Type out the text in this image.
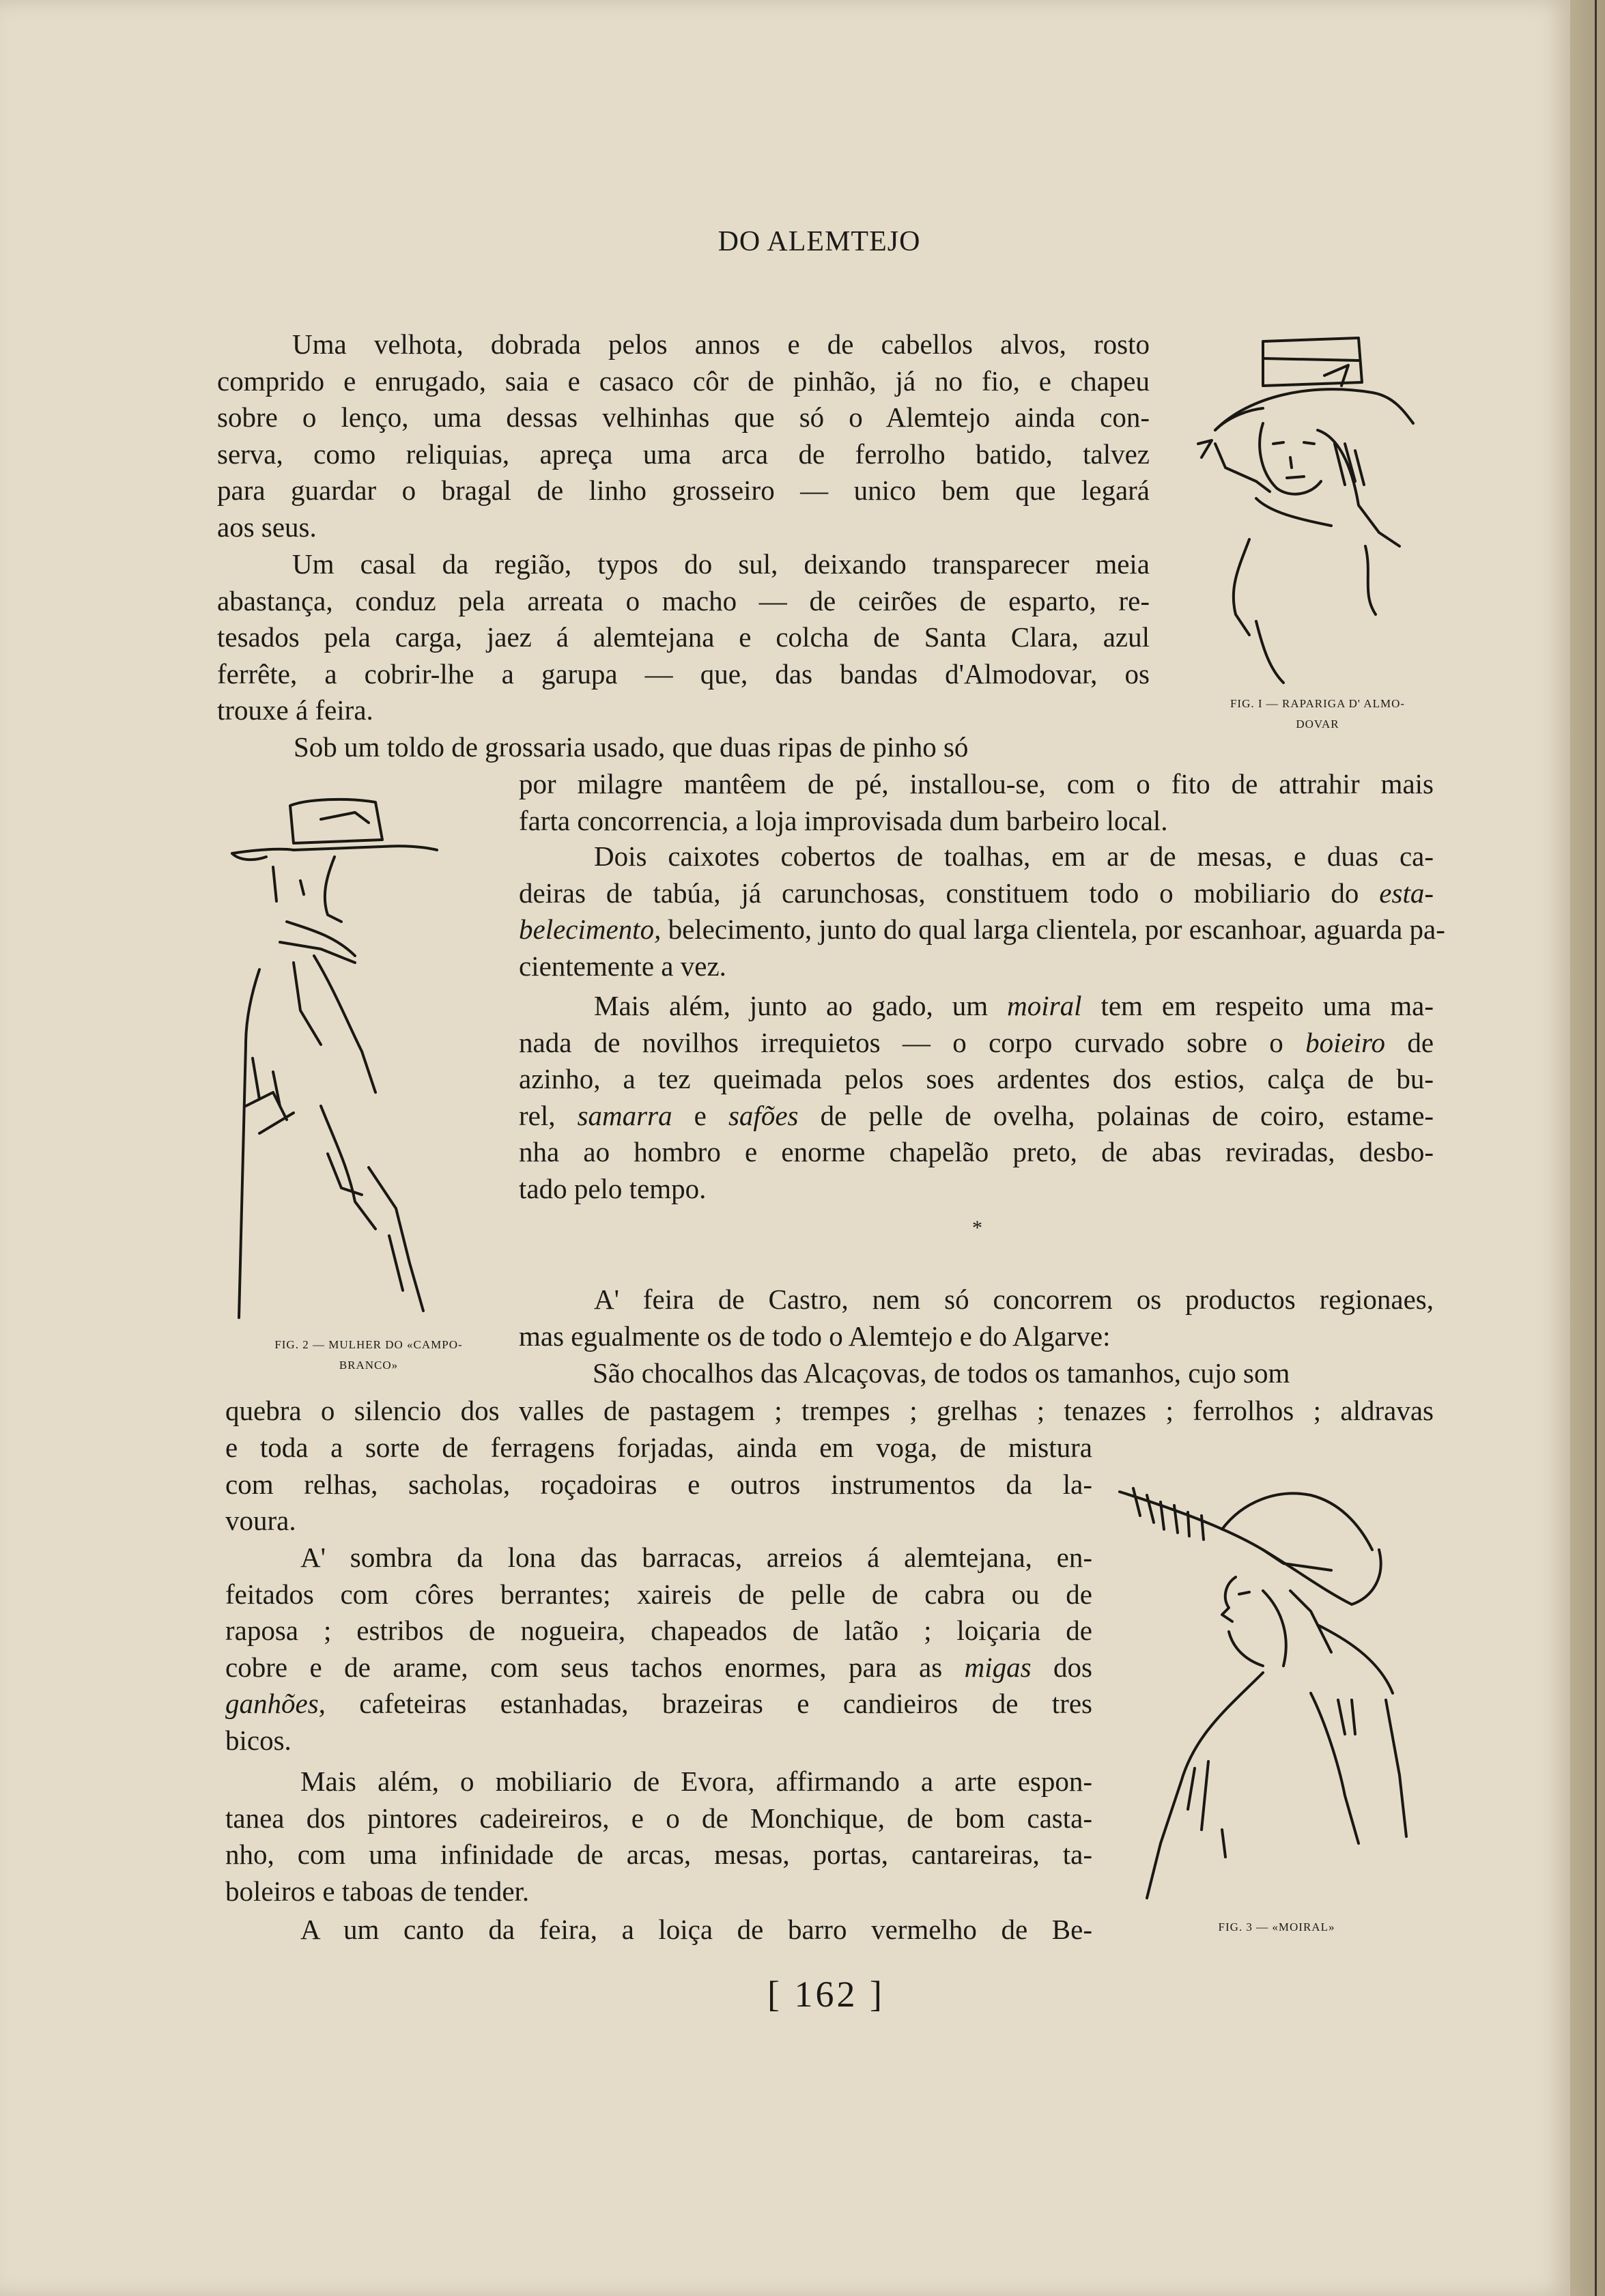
DO ALEMTEJO
Uma velhota, dobrada pelos annos e de cabellos alvos, rosto
comprido e enrugado, saia e casaco côr de pinhão, já no fio, e chapeu
sobre o lenço, uma dessas velhinhas que só o Alemtejo ainda con-
serva, como reliquias, apreça uma arca de ferrolho batido, talvez
para guardar o bragal de linho grosseiro — unico bem que legará
aos seus.
Um casal da região, typos do sul, deixando transparecer meia
abastança, conduz pela arreata o macho — de ceirões de esparto, re-
tesados pela carga, jaez á alemtejana e colcha de Santa Clara, azul
ferrête, a cobrir-lhe a garupa — que, das bandas d'Almodovar, os
trouxe á feira.
Sob um toldo de grossaria usado, que duas ripas de pinho só
por milagre mantêem de pé, installou-se, com o fito de attrahir mais
farta concorrencia, a loja improvisada dum barbeiro local.
Dois caixotes cobertos de toalhas, em ar de mesas, e duas ca-
deiras de tabúa, já carunchosas, constituem todo o mobiliario do esta-
belecimento, belecimento, junto do qual larga clientela, por escanhoar, aguarda pa-
cientemente a vez.
Mais além, junto ao gado, um moiral tem em respeito uma ma-
nada de novilhos irrequietos — o corpo curvado sobre o boieiro de
azinho, a tez queimada pelos soes ardentes dos estios, calça de bu-
rel, samarra e safões de pelle de ovelha, polainas de coiro, estame-
nha ao hombro e enorme chapelão preto, de abas reviradas, desbo-
tado pelo tempo.
*
A' feira de Castro, nem só concorrem os productos regionaes,
mas egualmente os de todo o Alemtejo e do Algarve:
São chocalhos das Alcaçovas, de todos os tamanhos, cujo som
quebra o silencio dos valles de pastagem ; trempes ; grelhas ; tenazes ; ferrolhos ; aldravas
e toda a sorte de ferragens forjadas, ainda em voga, de mistura
com relhas, sacholas, roçadoiras e outros instrumentos da la-
voura.
A' sombra da lona das barracas, arreios á alemtejana, en-
feitados com côres berrantes; xaireis de pelle de cabra ou de
raposa ; estribos de nogueira, chapeados de latão ; loiçaria de
cobre e de arame, com seus tachos enormes, para as migas dos
ganhões, cafeteiras estanhadas, brazeiras e candieiros de tres
bicos.
Mais além, o mobiliario de Evora, affirmando a arte espon-
tanea dos pintores cadeireiros, e o de Monchique, de bom casta-
nho, com uma infinidade de arcas, mesas, portas, cantareiras, ta-
boleiros e taboas de tender.
A um canto da feira, a loiça de barro vermelho de Be-
FIG. I — RAPARIGA D' ALMO-
DOVAR
FIG. 2 — MULHER DO «CAMPO-
BRANCO»
FIG. 3 — «MOIRAL»
[ 162 ]
